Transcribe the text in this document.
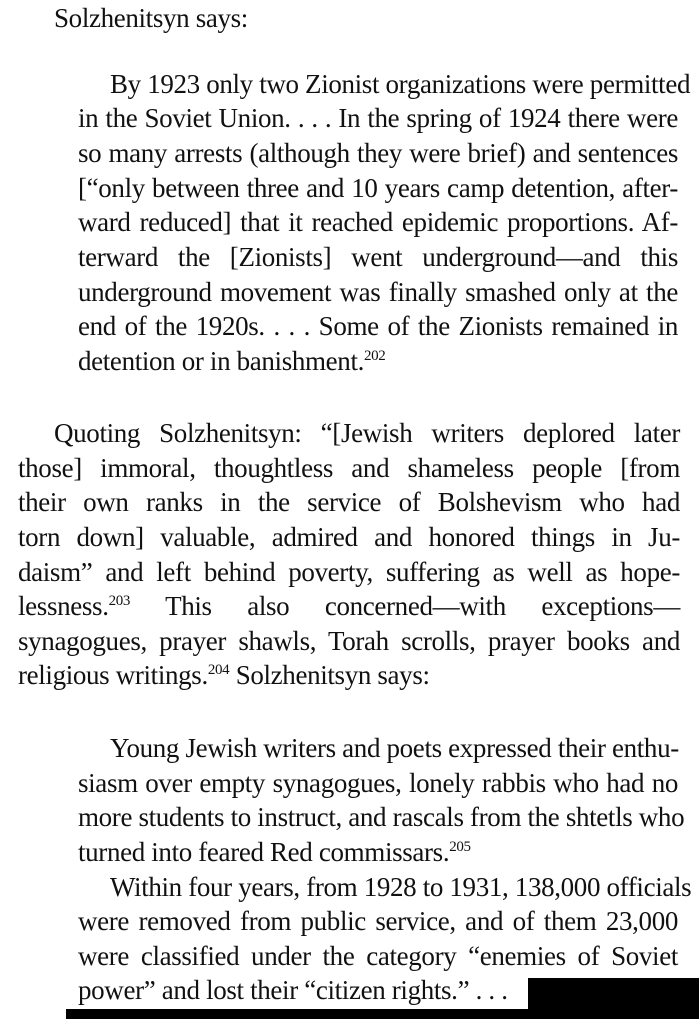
Solzhenitsyn says:
By 1923 only two Zionist organizations were permitted
in the Soviet Union. . . . In the spring of 1924 there were
so many arrests (although they were brief) and sentences
[“only between three and 10 years camp detention, after-
ward reduced] that it reached epidemic proportions. Af-
terward the [Zionists] went underground—and this
underground movement was finally smashed only at the
end of the 1920s. . . . Some of the Zionists remained in
detention or in banishment.$^{202}$
Quoting Solzhenitsyn: “[Jewish writers deplored later
those] immoral, thoughtless and shameless people [from
their own ranks in the service of Bolshevism who had
torn down] valuable, admired and honored things in Ju-
daism” and left behind poverty, suffering as well as hope-
lessness.$^{203}$ This also concerned—with exceptions—
synagogues, prayer shawls, Torah scrolls, prayer books and
religious writings.$^{204}$ Solzhenitsyn says:
Young Jewish writers and poets expressed their enthu-
siasm over empty synagogues, lonely rabbis who had no
more students to instruct, and rascals from the shtetls who
turned into feared Red commissars.$^{205}$
Within four years, from 1928 to 1931, 138,000 officials
were removed from public service, and of them 23,000
were classified under the category “enemies of Soviet
power” and lost their “citizen rights.” . . .
